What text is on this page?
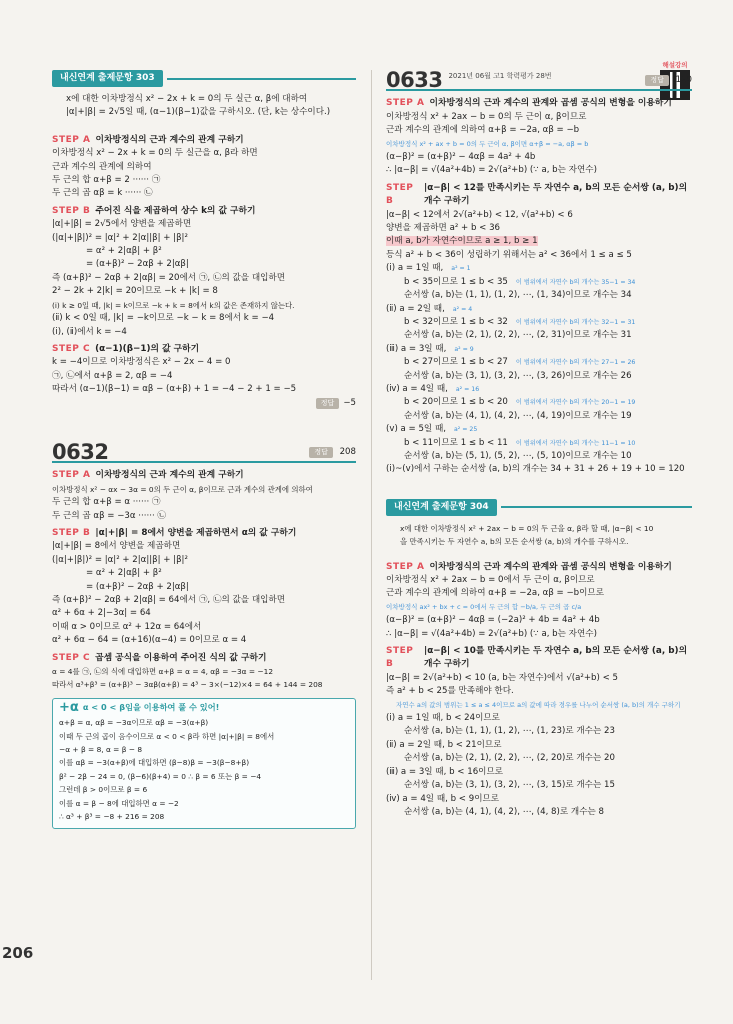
해설강의
내신연계 출제문항 303
x에 대한 이차방정식 x² − 2x + k = 0의 두 실근 α, β에 대하여
|α|+|β| = 2√5일 때, (α−1)(β−1)값을 구하시오. (단, k는 상수이다.)
STEP A 이차방정식의 근과 계수의 관계 구하기
이차방정식 x² − 2x + k = 0의 두 실근을 α, β라 하면
근과 계수의 관계에 의하여
두 근의 합 α+β = 2 ······ ㉠
두 근의 곱 αβ = k ······ ㉡
STEP B 주어진 식을 제곱하여 상수 k의 값 구하기
|α|+|β| = 2√5에서 양변을 제곱하면
(|α|+|β|)² = |α|² + 2|α||β| + |β|²
= α² + 2|αβ| + β²
= (α+β)² − 2αβ + 2|αβ|
즉 (α+β)² − 2αβ + 2|αβ| = 20에서 ㉠, ㉡의 값을 대입하면
2² − 2k + 2|k| = 20이므로 −k + |k| = 8
(ⅰ) k ≥ 0일 때, |k| = k이므로 −k + k = 8에서 k의 값은 존재하지 않는다.
(ⅱ) k < 0일 때, |k| = −k이므로 −k − k = 8에서 k = −4
(ⅰ), (ⅱ)에서 k = −4
STEP C (α−1)(β−1)의 값 구하기
k = −4이므로 이차방정식은 x² − 2x − 4 = 0
㉠, ㉡에서 α+β = 2, αβ = −4
따라서 (α−1)(β−1) = αβ − (α+β) + 1 = −4 − 2 + 1 = −5
정답	−5
0632	정답 208
STEP A 이차방정식의 근과 계수의 관계 구하기
이차방정식 x² − αx − 3α = 0의 두 근이 α, β이므로 근과 계수의 관계에 의하여
두 근의 합 α+β = α ······ ㉠
두 근의 곱 αβ = −3α ······ ㉡
STEP B |α|+|β| = 8에서 양변을 제곱하면서 α의 값 구하기
|α|+|β| = 8에서 양변을 제곱하면
(|α|+|β|)² = |α|² + 2|α||β| + |β|²
= α² + 2|αβ| + β²
= (α+β)² − 2αβ + 2|αβ|
즉 (α+β)² − 2αβ + 2|αβ| = 64에서 ㉠, ㉡의 값을 대입하면
α² + 6α + 2|−3α| = 64
이때 α > 0이므로 α² + 12α = 64에서
α² + 6α − 64 = (α+16)(α−4) = 0이므로 α = 4
STEP C 곱셈 공식을 이용하여 주어진 식의 값 구하기
α = 4를 ㉠, ㉡의 식에 대입하면 α+β = α = 4, αβ = −3α = −12
따라서 α³+β³ = (α+β)³ − 3αβ(α+β) = 4³ − 3×(−12)×4 = 64 + 144 = 208
+α α < 0 < β임을 이용하여 풀 수 있어!
α+β = α, αβ = −3α이므로 αβ = −3(α+β)
이때 두 근의 곱이 음수이므로 α < 0 < β라 하면 |α|+|β| = 8에서
−α + β = 8, α = β − 8
이를 αβ = −3(α+β)에 대입하면 (β−8)β = −3(β−8+β)
β² − 2β − 24 = 0, (β−6)(β+4) = 0 ∴ β = 6 또는 β = −4
그런데 β > 0이므로 β = 6
이를 α = β − 8에 대입하면 α = −2
∴ α³ + β³ = −8 + 216 = 208
0633 2021년 06월 고1 학력평가 28번	정답 120
STEP A 이차방정식의 근과 계수의 관계와 곱셈 공식의 변형을 이용하기
이차방정식 x² + 2ax − b = 0의 두 근이 α, β이므로
근과 계수의 관계에 의하여 α+β = −2a, αβ = −b
이차방정식 x² + ax + b = 0의 두 근이 α, β이면 α+β = −a, αβ = b
(α−β)² = (α+β)² − 4αβ = 4a² + 4b
∴ |α−β| = √(4a²+4b) = 2√(a²+b) (∵ a, b는 자연수)
STEP B
|α−β| < 12를 만족시키는 두 자연수 a, b의 모든 순서쌍 (a, b)의 개수 구하기
|α−β| < 12에서 2√(a²+b) < 12, √(a²+b) < 6
양변을 제곱하면 a² + b < 36
이때 a, b가 자연수이므로 a ≥ 1, b ≥ 1
등식 a² + b < 36이 성립하기 위해서는 a² < 36에서 1 ≤ a ≤ 5
(ⅰ) a = 1일 때, a² = 1
b < 35이므로 1 ≤ b < 35 이 범위에서 자연수 b의 개수는 35−1 = 34
순서쌍 (a, b)는 (1, 1), (1, 2), ⋯, (1, 34)이므로 개수는 34
(ⅱ) a = 2일 때, a² = 4
b < 32이므로 1 ≤ b < 32 이 범위에서 자연수 b의 개수는 32−1 = 31
순서쌍 (a, b)는 (2, 1), (2, 2), ⋯, (2, 31)이므로 개수는 31
(ⅲ) a = 3일 때, a² = 9
b < 27이므로 1 ≤ b < 27 이 범위에서 자연수 b의 개수는 27−1 = 26
순서쌍 (a, b)는 (3, 1), (3, 2), ⋯, (3, 26)이므로 개수는 26
(ⅳ) a = 4일 때, a² = 16
b < 20이므로 1 ≤ b < 20 이 범위에서 자연수 b의 개수는 20−1 = 19
순서쌍 (a, b)는 (4, 1), (4, 2), ⋯, (4, 19)이므로 개수는 19
(ⅴ) a = 5일 때, a² = 25
b < 11이므로 1 ≤ b < 11 이 범위에서 자연수 b의 개수는 11−1 = 10
순서쌍 (a, b)는 (5, 1), (5, 2), ⋯, (5, 10)이므로 개수는 10
(ⅰ)~(ⅴ)에서 구하는 순서쌍 (a, b)의 개수는 34 + 31 + 26 + 19 + 10 = 120
내신연계 출제문항 304
x에 대한 이차방정식 x² + 2ax − b = 0의 두 근을 α, β라 할 때, |α−β| < 10
을 만족시키는 두 자연수 a, b의 모든 순서쌍 (a, b)의 개수를 구하시오.
STEP A 이차방정식의 근과 계수의 관계와 곱셈 공식의 변형을 이용하기
이차방정식 x² + 2ax − b = 0에서 두 근이 α, β이므로
근과 계수의 관계에 의하여 α+β = −2a, αβ = −b이므로
이차방정식 ax² + bx + c = 0에서 두 근의 합 −b/a, 두 근의 곱 c/a
(α−β)² = (α+β)² − 4αβ = (−2a)² + 4b = 4a² + 4b
∴ |α−β| = √(4a²+4b) = 2√(a²+b) (∵ a, b는 자연수)
STEP B
|α−β| < 10를 만족시키는 두 자연수 a, b의 모든 순서쌍 (a, b)의 개수 구하기
|α−β| = 2√(a²+b) < 10 (a, b는 자연수)에서 √(a²+b) < 5
즉 a² + b < 25를 만족해야 한다.
자연수 a의 값의 범위는 1 ≤ a ≤ 4이므로 a의 값에 따라 경우를 나누어 순서쌍 (a, b)의 개수 구하기
(ⅰ) a = 1일 때, b < 24이므로
순서쌍 (a, b)는 (1, 1), (1, 2), ⋯, (1, 23)로 개수는 23
(ⅱ) a = 2일 때, b < 21이므로
순서쌍 (a, b)는 (2, 1), (2, 2), ⋯, (2, 20)로 개수는 20
(ⅲ) a = 3일 때, b < 16이므로
순서쌍 (a, b)는 (3, 1), (3, 2), ⋯, (3, 15)로 개수는 15
(ⅳ) a = 4일 때, b < 9이므로
순서쌍 (a, b)는 (4, 1), (4, 2), ⋯, (4, 8)로 개수는 8
206
